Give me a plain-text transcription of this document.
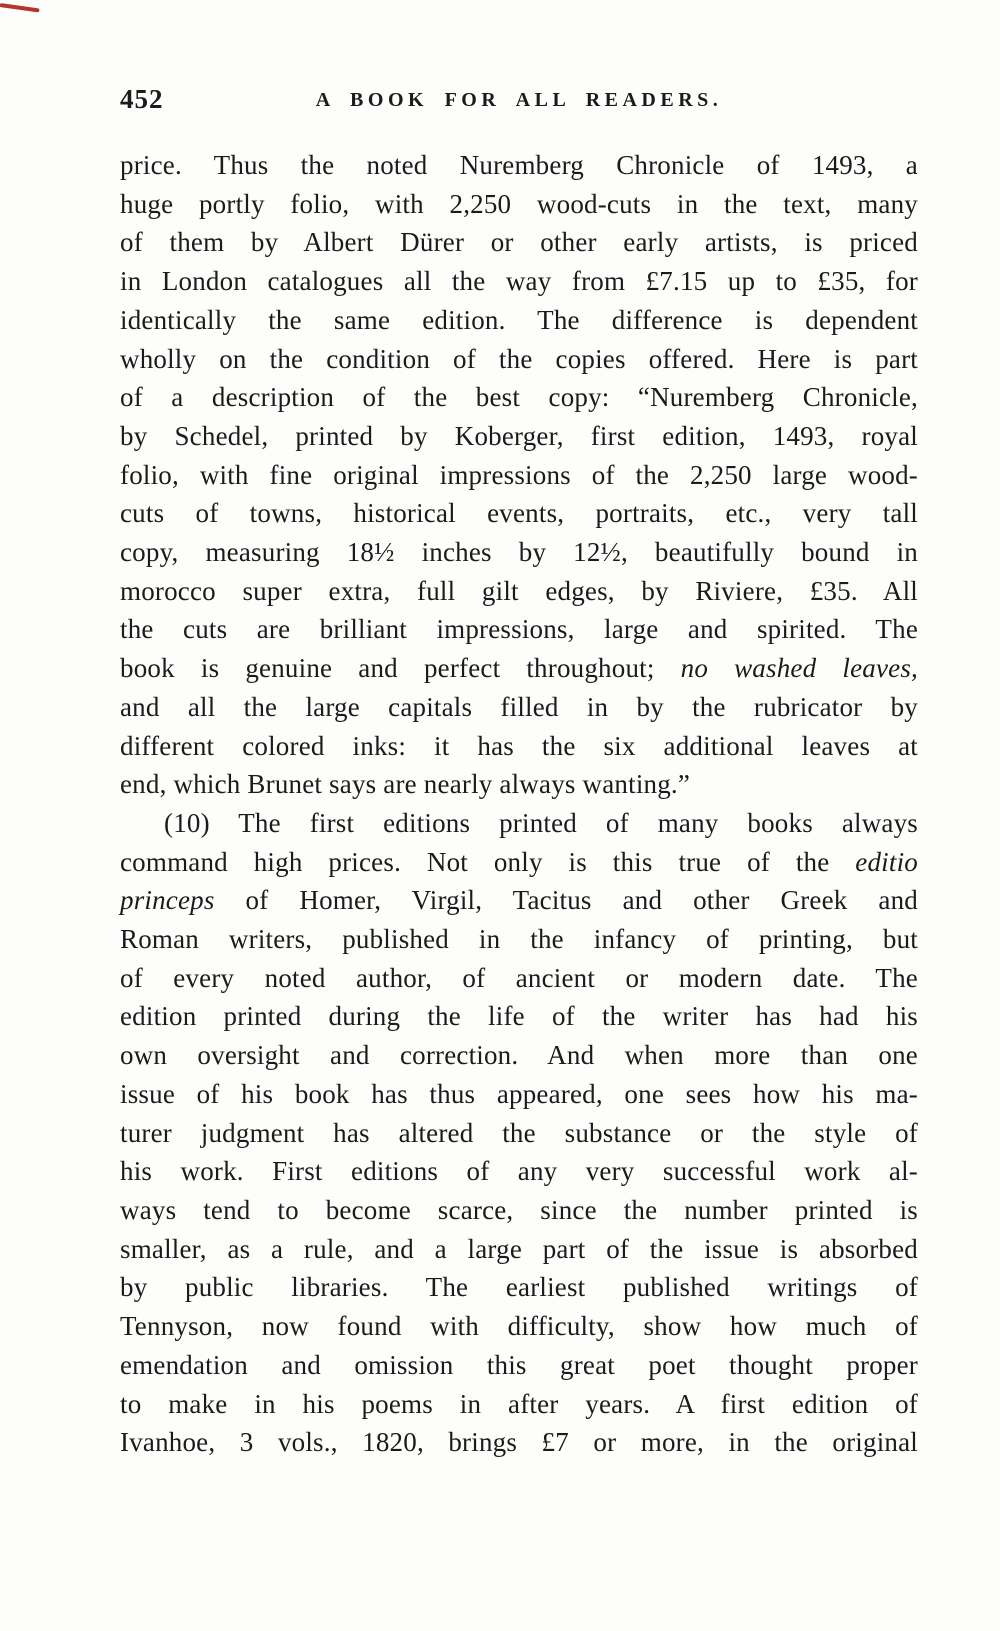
452	A BOOK FOR ALL READERS.
price. Thus the noted Nuremberg Chronicle of 1493, a
huge portly folio, with 2,250 wood-cuts in the text, many
of them by Albert Dürer or other early artists, is priced
in London catalogues all the way from £7.15 up to £35, for
identically the same edition. The difference is dependent
wholly on the condition of the copies offered. Here is part
of a description of the best copy: “Nuremberg Chronicle,
by Schedel, printed by Koberger, first edition, 1493, royal
folio, with fine original impressions of the 2,250 large wood-
cuts of towns, historical events, portraits, etc., very tall
copy, measuring 18½ inches by 12½, beautifully bound in
morocco super extra, full gilt edges, by Riviere, £35. All
the cuts are brilliant impressions, large and spirited. The
book is genuine and perfect throughout; no washed leaves,
and all the large capitals filled in by the rubricator by
different colored inks: it has the six additional leaves at
end, which Brunet says are nearly always wanting.”
(10) The first editions printed of many books always
command high prices. Not only is this true of the editio
princeps of Homer, Virgil, Tacitus and other Greek and
Roman writers, published in the infancy of printing, but
of every noted author, of ancient or modern date. The
edition printed during the life of the writer has had his
own oversight and correction. And when more than one
issue of his book has thus appeared, one sees how his ma-
turer judgment has altered the substance or the style of
his work. First editions of any very successful work al-
ways tend to become scarce, since the number printed is
smaller, as a rule, and a large part of the issue is absorbed
by public libraries. The earliest published writings of
Tennyson, now found with difficulty, show how much of
emendation and omission this great poet thought proper
to make in his poems in after years. A first edition of
Ivanhoe, 3 vols., 1820, brings £7 or more, in the original
